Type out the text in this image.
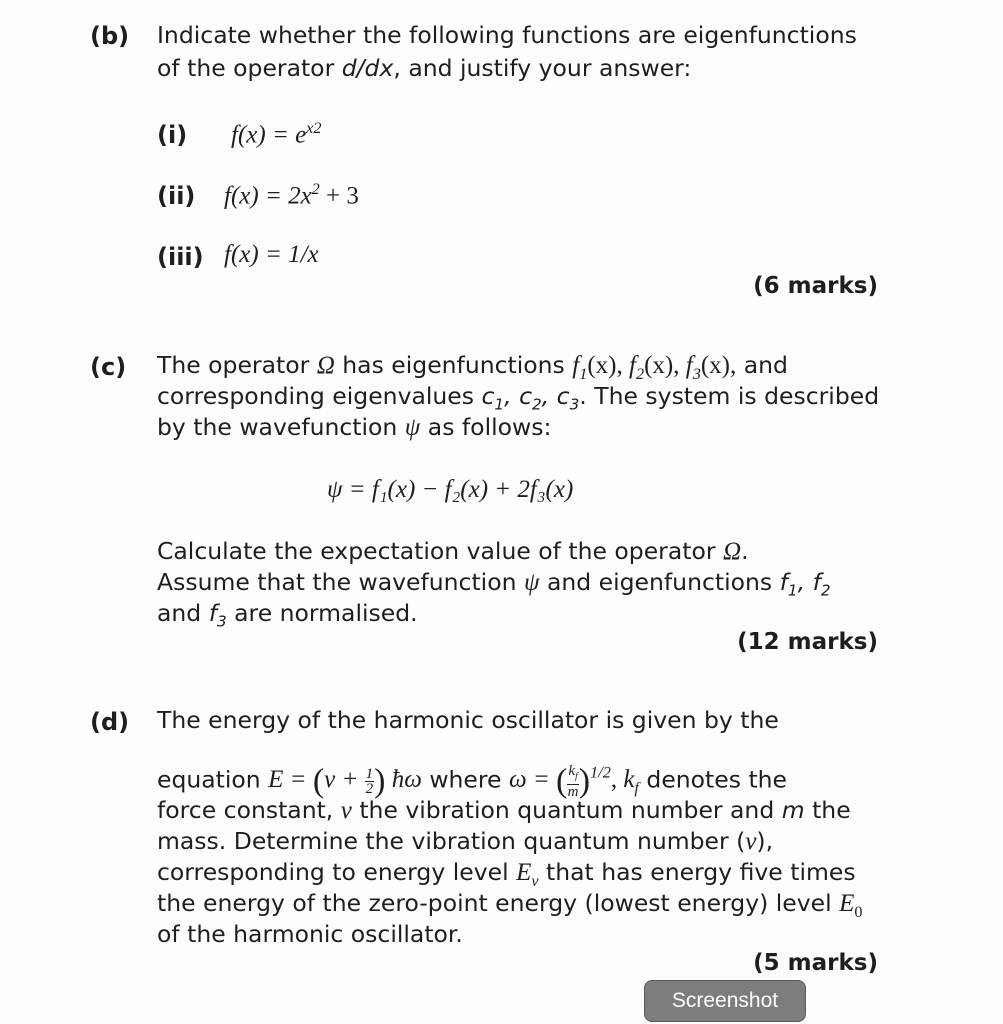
(b) Indicate whether the following functions are eigenfunctions
of the operator d/dx, and justify your answer:
(i) $f(x) = e^{x2}$
(ii) $f(x) = 2x^2 + 3$
(iii) f(x) = 1/x
(6 marks)
(c) The operator Ω has eigenfunctions $f_1(x)$, $f_2(x)$, $f_3(x)$, and
corresponding eigenvalues $c_1$, $c_2$, $c_3$. The system is described
by the wavefunction ψ as follows:
ψ = f₁(x) − f₂(x) + 2f₃(x)
Calculate the expectation value of the operator Ω.
Assume that the wavefunction ψ and eigenfunctions $f_1$, $f_2$
and $f_3$ are normalised.
(12 marks)
(d) The energy of the harmonic oscillator is given by the
equation $E = (v + \frac{1}{2}$ ) ħω where ω = ( $\frac{k_f}{m} )^{1/2}$, $k_f$ denotes the
force constant, v the vibration quantum number and m the
mass. Determine the vibration quantum number (v),
corresponding to energy level $E_v$ that has energy five times
the energy of the zero-point energy (lowest energy) level $E_0$
of the harmonic oscillator.
(5 marks)
Screenshot
